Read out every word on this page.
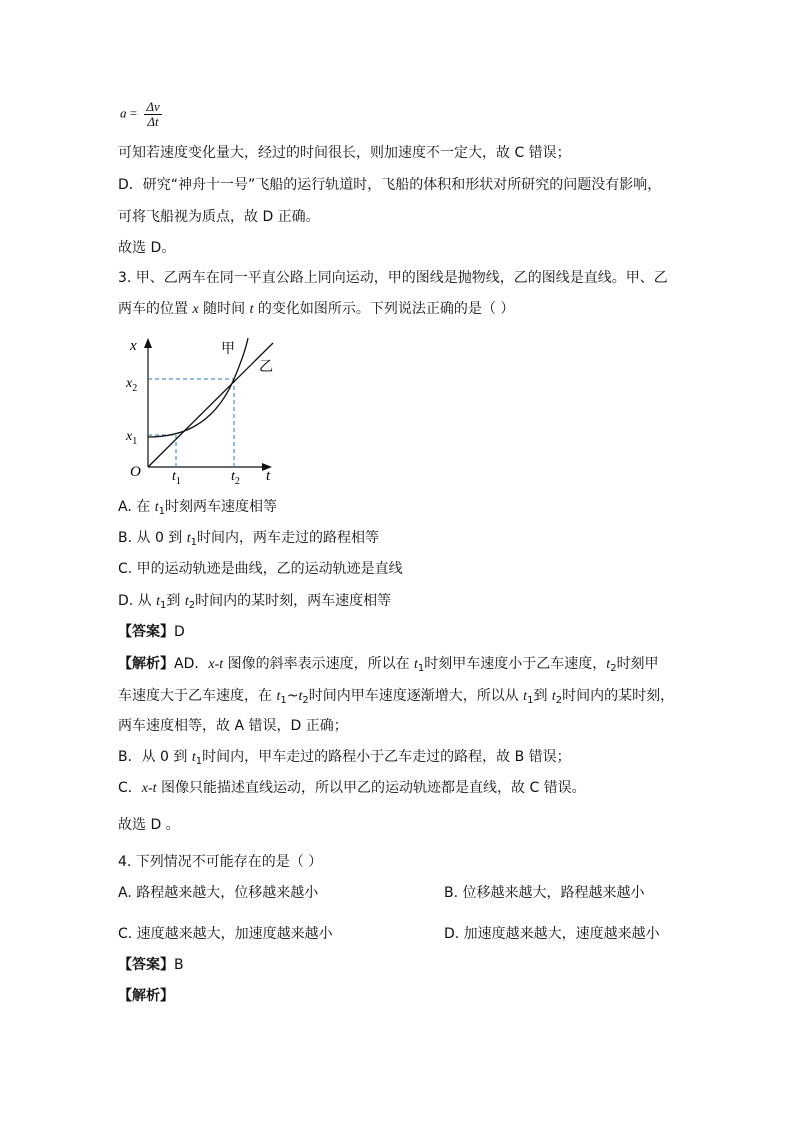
$a = \frac{\Delta v}{\Delta t}$
可知若速度变化量大，经过的时间很长，则加速度不一定大，故 C 错误；
D．研究“神舟十一号”飞船的运行轨道时，飞船的体积和形状对所研究的问题没有影响，
可将飞船视为质点，故 D 正确。
故选 D。
3. 甲、乙两车在同一平直公路上同向运动，甲的图线是抛物线，乙的图线是直线。甲、乙
两车的位置 x 随时间 t 的变化如图所示。下列说法正确的是（ ）
x
t
O
$x_2$
$x_1$
$t_1$	$t_2$
甲
乙
A. 在 $t_1$时刻两车速度相等
B. 从 0 到 $t_1$时间内，两车走过的路程相等
C. 甲的运动轨迹是曲线，乙的运动轨迹是直线
D. 从 $t_1$到 $t_2$时间内的某时刻，两车速度相等
【答案】D
【解析】AD．x-t 图像的斜率表示速度，所以在 $t_1$时刻甲车速度小于乙车速度，$t_2$时刻甲
车速度大于乙车速度，在 $t_1\sim t_2$时间内甲车速度逐渐增大，所以从 $t_1$到 $t_2$时间内的某时刻，
两车速度相等，故 A 错误，D 正确；
B．从 0 到 $t_1$时间内，甲车走过的路程小于乙车走过的路程，故 B 错误；
C．x-t 图像只能描述直线运动，所以甲乙的运动轨迹都是直线，故 C 错误。
故选 D 。
4. 下列情况不可能存在的是（ ）
A. 路程越来越大，位移越来越小	B. 位移越来越大，路程越来越小
C. 速度越来越大，加速度越来越小	D. 加速度越来越大，速度越来越小
【答案】B
【解析】
